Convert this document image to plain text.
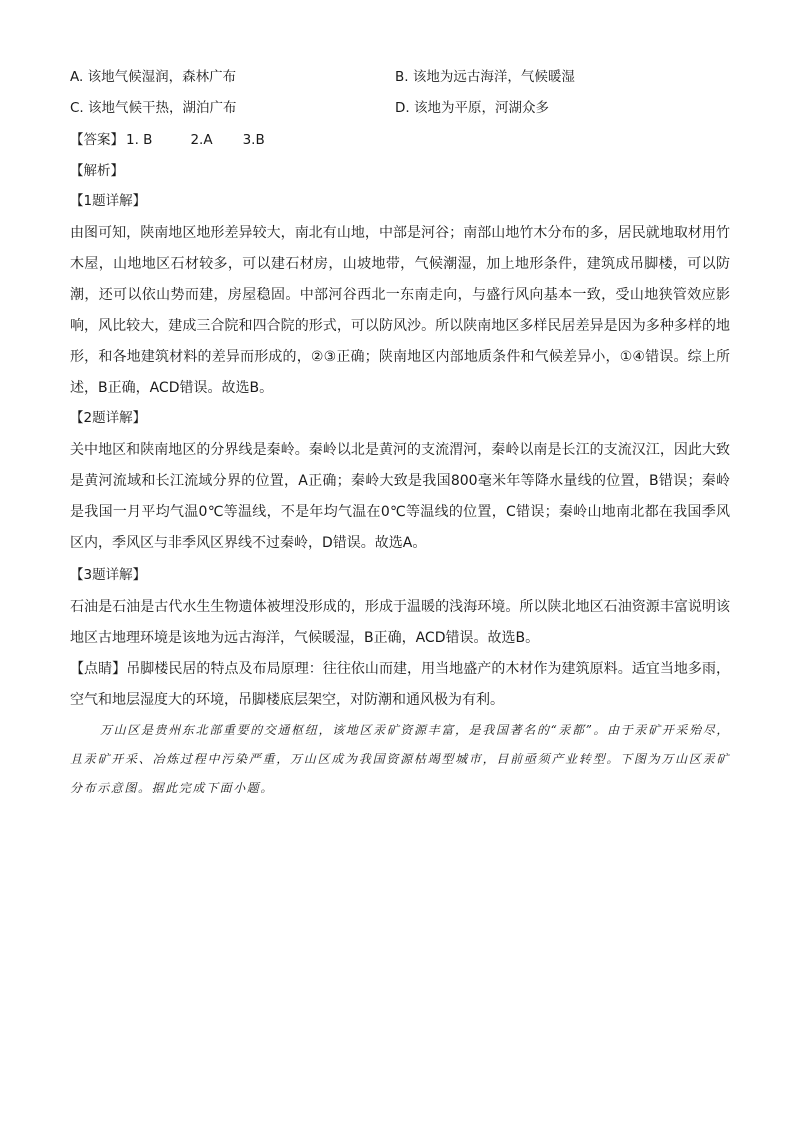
A. 该地气候湿润，森林广布	B. 该地为远古海洋，气候暖湿
C. 该地气候干热，湖泊广布	D. 该地为平原，河湖众多
【答案】 1. B	2.A 3.B
【解析】
【1题详解】

由图可知，陕南地区地形差异较大，南北有山地，中部是河谷；南部山地竹木分布的多，居民就地取材用竹木屋，山地地区石材较多，可以建石材房，山坡地带，气候潮湿，加上地形条件，建筑成吊脚楼，可以防潮，还可以依山势而建，房屋稳固。中部河谷西北一东南走向，与盛行风向基本一致，受山地狭管效应影响，风比较大，建成三合院和四合院的形式，可以防风沙。所以陕南地区多样民居差异是因为多种多样的地形，和各地建筑材料的差异而形成的，②③正确；陕南地区内部地质条件和气候差异小，①④错误。综上所述，B正确，ACD错误。故选B。

【2题详解】

关中地区和陕南地区的分界线是秦岭。秦岭以北是黄河的支流渭河，秦岭以南是长江的支流汉江，因此大致是黄河流域和长江流域分界的位置，A正确；秦岭大致是我国800毫米年等降水量线的位置，B错误；秦岭是我国一月平均气温0℃等温线，不是年均气温在0℃等温线的位置，C错误；秦岭山地南北都在我国季风区内，季风区与非季风区界线不过秦岭，D错误。故选A。

【3题详解】

石油是石油是古代水生生物遗体被埋没形成的，形成于温暖的浅海环境。所以陕北地区石油资源丰富说明该地区古地理环境是该地为远古海洋，气候暖湿，B正确，ACD错误。故选B。

【点睛】吊脚楼民居的特点及布局原理：往往依山而建，用当地盛产的木材作为建筑原料。适宜当地多雨，空气和地层湿度大的环境，吊脚楼底层架空，对防潮和通风极为有利。

万山区是贵州东北部重要的交通枢纽，该地区汞矿资源丰富，是我国著名的“汞都”。由于汞矿开采殆尽，且汞矿开采、冶炼过程中污染严重，万山区成为我国资源枯竭型城市，目前亟须产业转型。下图为万山区汞矿分布示意图。据此完成下面小题。
